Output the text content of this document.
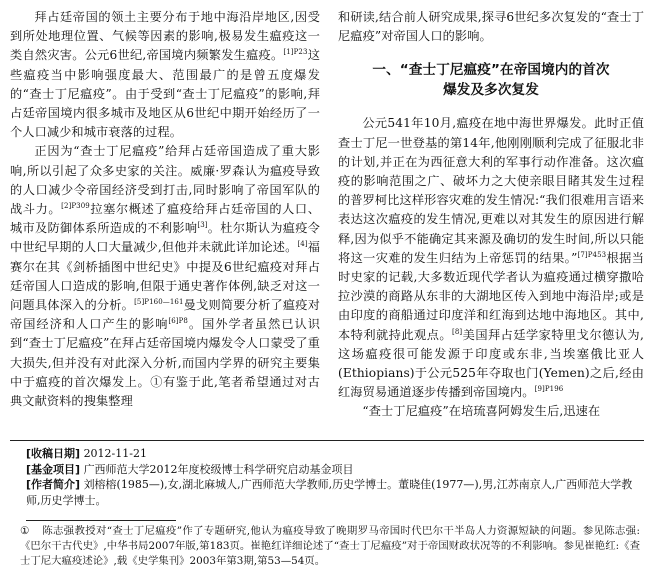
拜占廷帝国的领土主要分布于地中海沿岸地区,因受到所处地理位置、气候等因素的影响,极易发生瘟疫这一类自然灾害。公元6世纪,帝国境内频繁发生瘟疫。$^{[1]P23}$这些瘟疫当中影响强度最大、范围最广的是曾五度爆发的“查士丁尼瘟疫”。由于受到“查士丁尼瘟疫”的影响,拜占廷帝国境内很多城市及地区从6世纪中期开始经历了一个人口减少和城市衰落的过程。

正因为“查士丁尼瘟疫”给拜占廷帝国造成了重大影响,所以引起了众多史家的关注。威廉·罗森认为瘟疫导致的人口减少令帝国经济受到打击,同时影响了帝国军队的战斗力。$^{[2]P309}$拉塞尔概述了瘟疫给拜占廷帝国的人口、城市及防御体系所造成的不利影响[3]。杜尔斯认为瘟疫令中世纪早期的人口大量减少,但他并未就此详加论述。[4]福赛尔在其《剑桥插图中世纪史》中提及6世纪瘟疫对拜占廷帝国人口造成的影响,但限于通史著作体例,缺乏对这一问题具体深入的分析。$^{[5]P160—161}$曼戈则简要分析了瘟疫对帝国经济和人口产生的影响$^{[6]P8}$。国外学者虽然已认识到“查士丁尼瘟疫”在拜占廷帝国境内爆发令人口蒙受了重大损失,但并没有对此深入分析,而国内学界的研究主要集中于瘟疫的首次爆发上。①有鉴于此,笔者希望通过对古典文献资料的搜集整理

和研读,结合前人研究成果,探寻6世纪多次复发的“查士丁尼瘟疫”对帝国人口的影响。

一、“查士丁尼瘟疫”在帝国境内的首次
爆发及多次复发

公元541年10月,瘟疫在地中海世界爆发。此时正值查士丁尼一世登基的第14年,他刚刚顺利完成了征服北非的计划,并正在为西征意大利的军事行动作准备。这次瘟疫的影响范围之广、破坏力之大使亲眼目睹其发生过程的普罗柯比这样形容灾难的发生情况:“我们很难用言语来表达这次瘟疫的发生情况,更难以对其发生的原因进行解释,因为似乎不能确定其来源及确切的发生时间,所以只能将这一灾难的发生归结为上帝惩罚的结果。”$^{[7]P453}$根据当时史家的记载,大多数近现代学者认为瘟疫通过横穿撒哈拉沙漠的商路从东非的大湖地区传入到地中海沿岸;或是由印度的商船通过印度洋和红海到达地中海地区。其中,本特利就持此观点。[8]美国拜占廷学家特里戈尔德认为,这场瘟疫很可能发源于印度或东非,当埃塞俄比亚人(Ethiopians)于公元525年夺取也门(Yemen)之后,经由红海贸易通道逐步传播到帝国境内。$^{[9]P196}$

“查士丁尼瘟疫”在培琉喜阿姆发生后,迅速在

[收稿日期] 2012-11-21
[基金项目] 广西师范大学2012年度校级博士科学研究启动基金项目
[作者简介] 刘榕榕(1985—),女,湖北麻城人,广西师范大学教师,历史学博士。董晓佳(1977—),男,江苏南京人,广西师范大学教师,历史学博士。
① 陈志强教授对“查士丁尼瘟疫”作了专题研究,他认为瘟疫导致了晚期罗马帝国时代巴尔干半岛人力资源短缺的问题。参见陈志强:《巴尔干古代史》,中华书局2007年版,第183页。崔艳红详细论述了“查士丁尼瘟疫”对于帝国财政状况等的不利影响。参见崔艳红:《查士丁尼大瘟疫述论》,载《史学集刊》2003年第3期,第53—54页。
